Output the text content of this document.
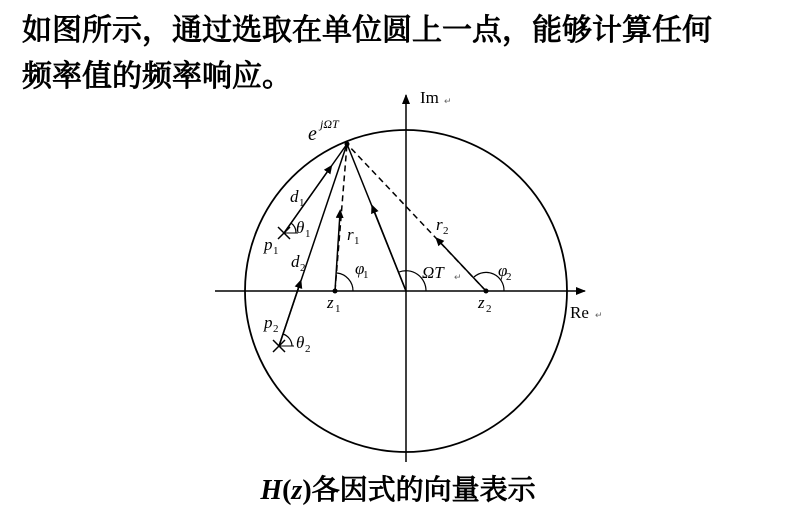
如图所示，通过选取在单位圆上一点，能够计算任何
频率值的频率响应。
Re ↵
Im ↵
e jΩT
ΩT ↵
d 1
d 2
r 1
r 2
p 1
p 2
z 1	z 2
θ 1
θ 2
φ
1	φ
2
H(z)各因式的向量表示
